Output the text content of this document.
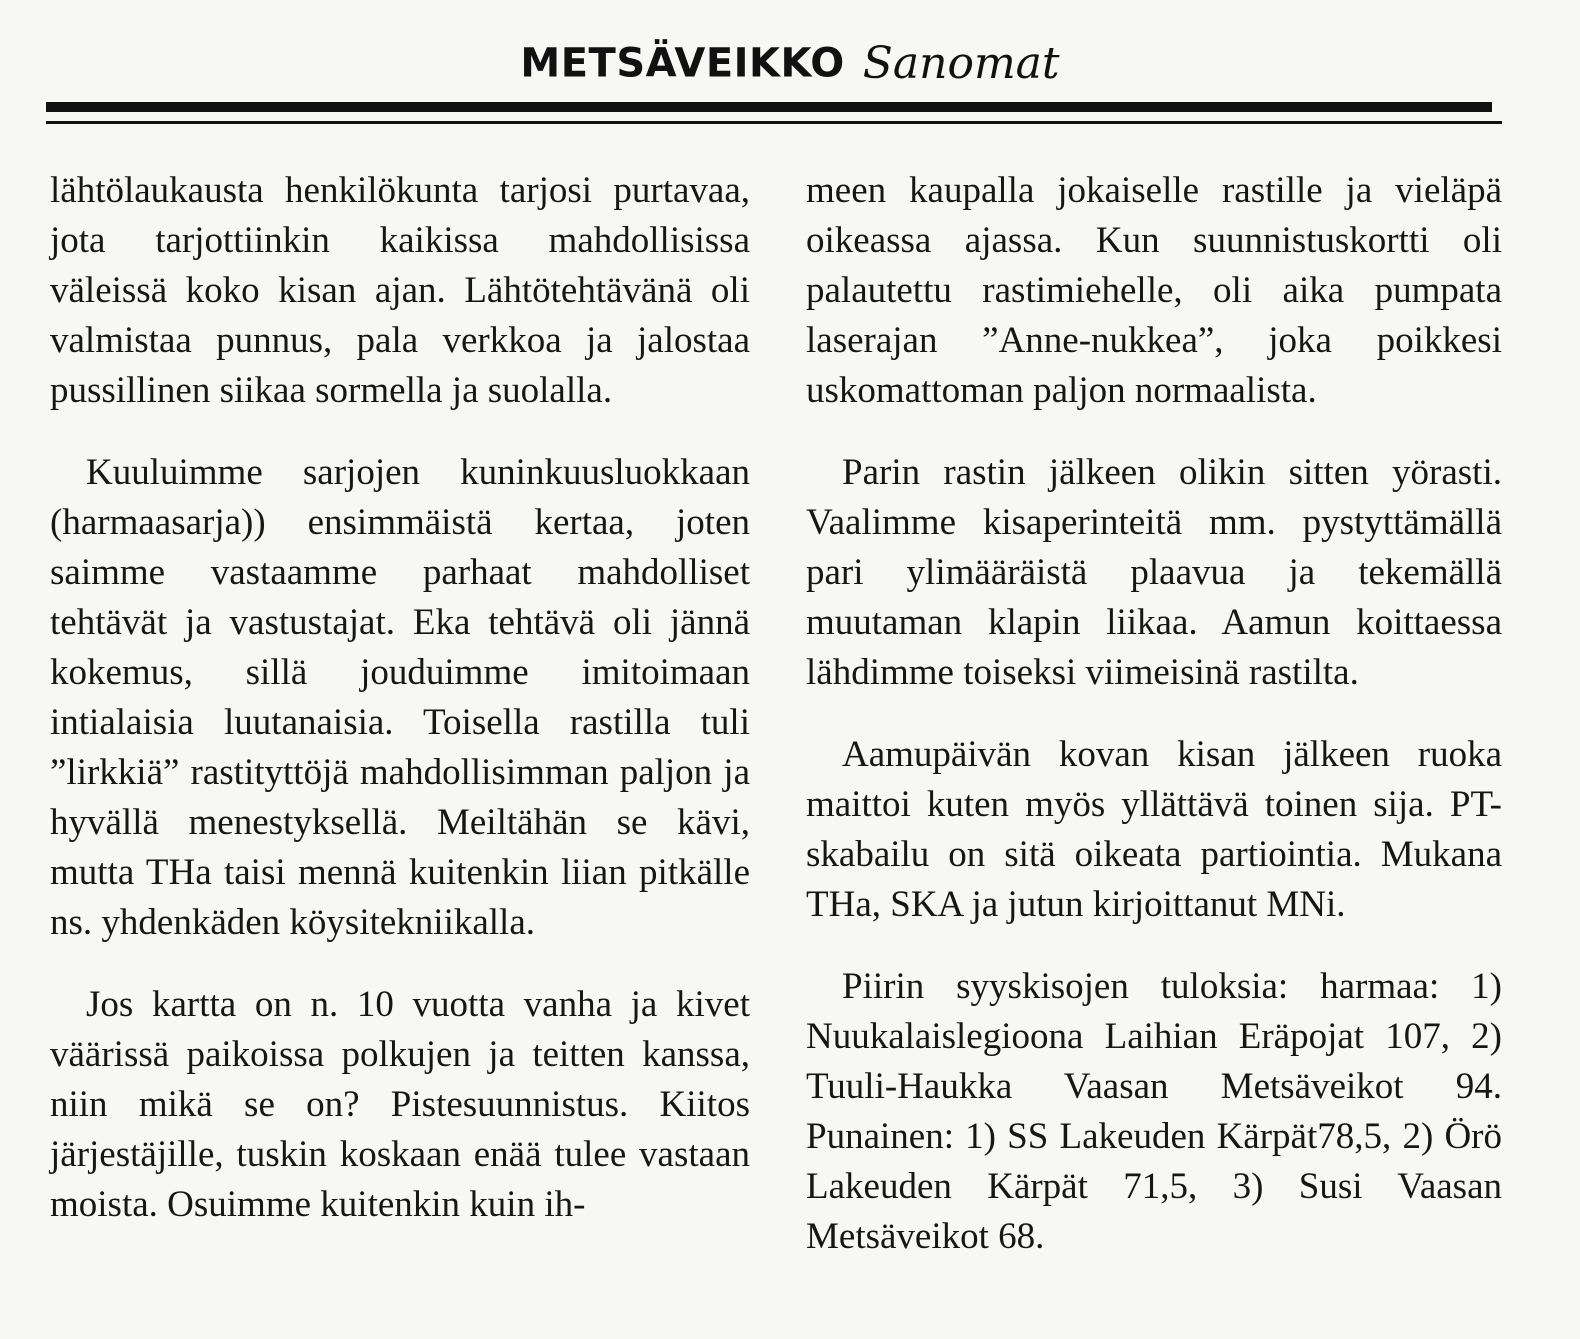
METSÄVEIKKO Sanomat

lähtölaukausta henkilökunta tarjosi purtavaa, jota tarjottiinkin kaikissa mahdollisissa väleissä koko kisan ajan. Lähtötehtävänä oli valmistaa punnus, pala verkkoa ja jalostaa pussillinen siikaa sormella ja suolalla.

Kuuluimme sarjojen kuninkuusluokkaan (harmaasarja)) ensimmäistä kertaa, joten saimme vastaamme parhaat mahdolliset tehtävät ja vastustajat. Eka tehtävä oli jännä kokemus, sillä jouduimme imitoimaan intialaisia luutanaisia. Toisella rastilla tuli ”lirkkiä” rastityttöjä mahdollisimman paljon ja hyvällä menestyksellä. Meiltähän se kävi, mutta THa taisi mennä kuitenkin liian pitkälle ns. yhdenkäden köysitekniikalla.

Jos kartta on n. 10 vuotta vanha ja kivet väärissä paikoissa polkujen ja teitten kanssa, niin mikä se on? Pistesuunnistus. Kiitos järjestäjille, tuskin koskaan enää tulee vastaan moista. Osuimme kuitenkin kuin ih-

meen kaupalla jokaiselle rastille ja vieläpä oikeassa ajassa. Kun suunnistuskortti oli palautettu rastimiehelle, oli aika pumpata laserajan ”Anne-nukkea”, joka poikkesi uskomattoman paljon normaalista.

Parin rastin jälkeen olikin sitten yörasti. Vaalimme kisaperinteitä mm. pystyttämällä pari ylimääräistä plaavua ja tekemällä muutaman klapin liikaa. Aamun koittaessa lähdimme toiseksi viimeisinä rastilta.

Aamupäivän kovan kisan jälkeen ruoka maittoi kuten myös yllättävä toinen sija. PT-skabailu on sitä oikeata partiointia. Mukana THa, SKA ja jutun kirjoittanut MNi.

Piirin syyskisojen tuloksia: harmaa: 1) Nuukalaislegioona Laihian Eräpojat 107, 2) Tuuli-Haukka Vaasan Metsäveikot 94. Punainen: 1) SS Lakeuden Kärpät78,5, 2) Örö Lakeuden Kärpät 71,5, 3) Susi Vaasan Metsäveikot 68.
